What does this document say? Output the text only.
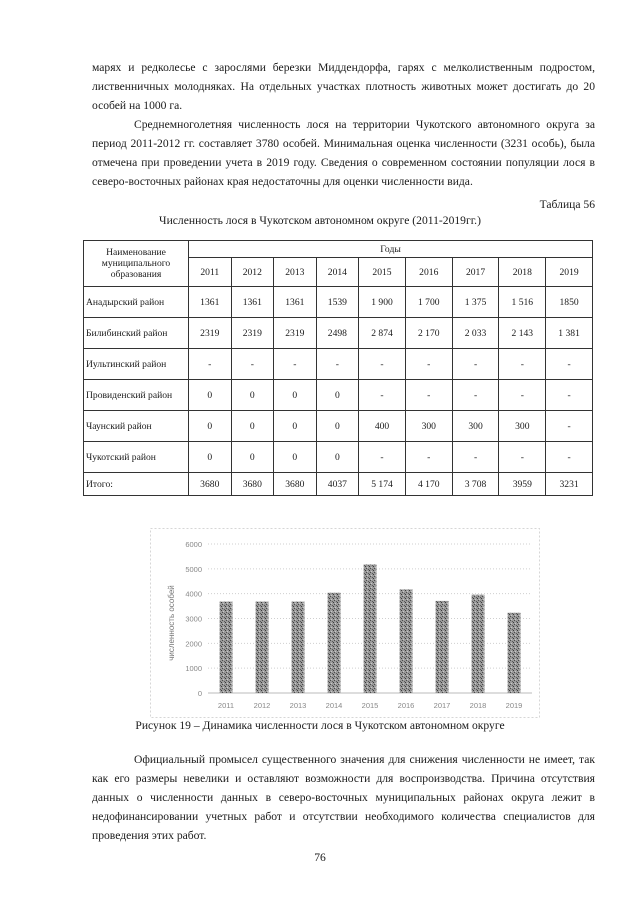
марях и редколесье с зарослями березки Миддендорфа, гарях с мелколиственным подростом, лиственничных молодняках. На отдельных участках плотность животных может достигать до 20 особей на 1000 га.

Среднемноголетняя численность лося на территории Чукотского автономного округа за период 2011-2012 гг. составляет 3780 особей. Минимальная оценка численности (3231 особь), была отмечена при проведении учета в 2019 году. Сведения о современном состоянии популяции лося в северо-восточных районах края недостаточны для оценки численности вида.

Таблица 56
Численность лося в Чукотском автономном округе (2011-2019гг.)
Наименование муниципального образования	Годы								
	2011	2012	2013	2014	2015	2016	2017	2018	2019
Анадырский район	1361	1361	1361	1539	1 900	1 700	1 375	1 516	1850
Билибинский район	2319	2319	2319	2498	2 874	2 170	2 033	2 143	1 381
Иультинский район	-	-	-	-	-	-	-	-	-
Провиденский район	0	0	0	0	-	-	-	-	-
Чаунский район	0	0	0	0	400	300	300	300	-
Чукотский район	0	0	0	0	-	-	-	-	-
Итого:	3680	3680	3680	4037	5 174	4 170	3 708	3959	3231
0
1000
2000
3000
4000
5000
6000
2011	2012	2013	2014	2015	2016	2017	2018	2019
численность особей
Рисунок 19 – Динамика численности лося в Чукотском автономном округе

Официальный промысел существенного значения для снижения численности не имеет, так как его размеры невелики и оставляют возможности для воспроизводства. Причина отсутствия данных о численности данных в северо-восточных муниципальных районах округа лежит в недофинансировании учетных работ и отсутствии необходимого количества специалистов для проведения этих работ.

76
